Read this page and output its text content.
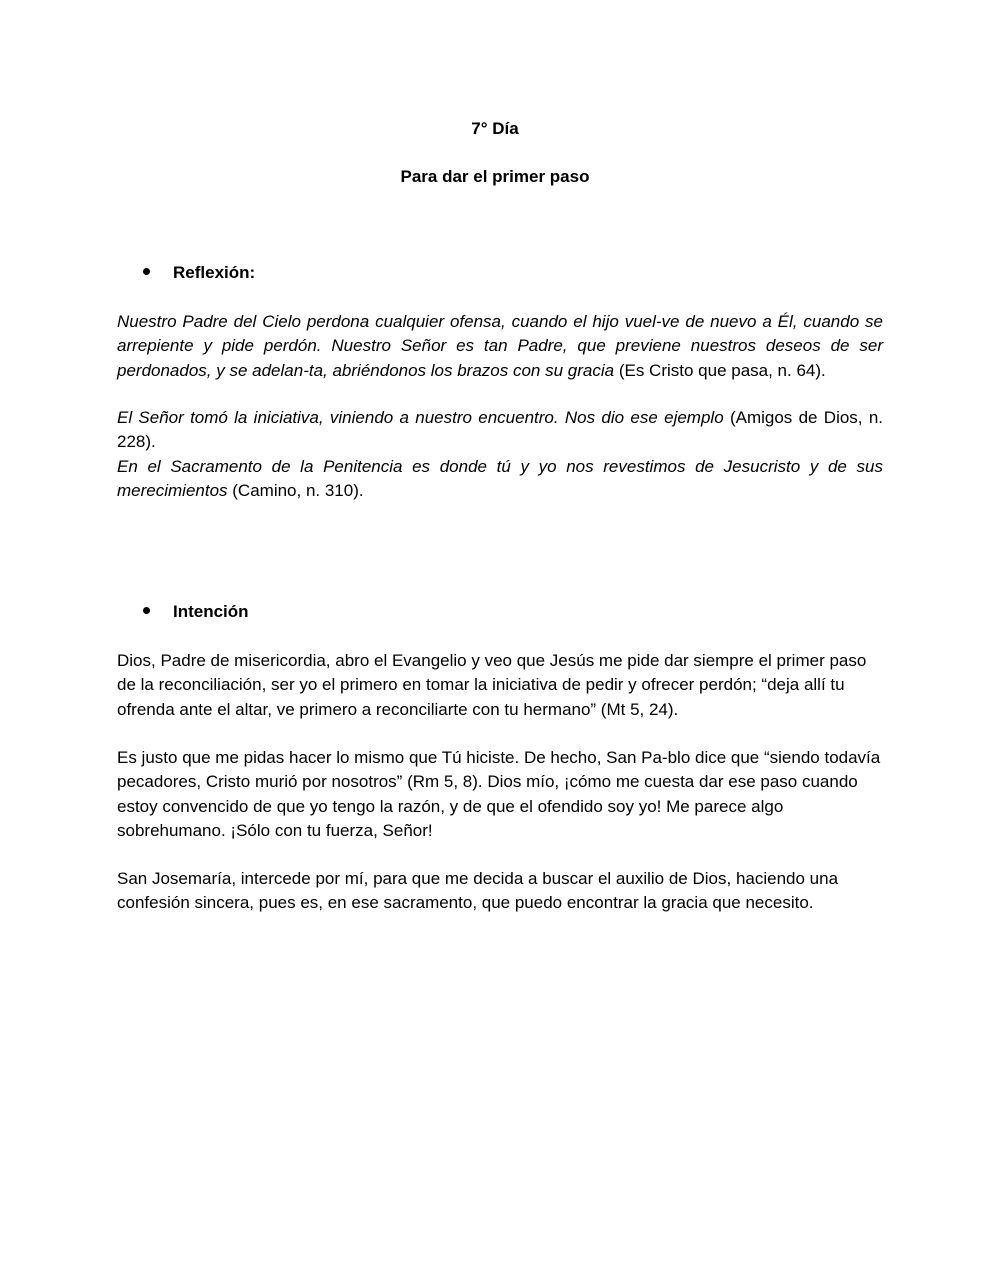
7° Día
Para dar el primer paso
Reflexión:

Nuestro Padre del Cielo perdona cualquier ofensa, cuando el hijo vuel-ve de nuevo a Él, cuando se arrepiente y pide perdón. Nuestro Señor es tan Padre, que previene nuestros deseos de ser perdonados, y se adelan-ta, abriéndonos los brazos con su gracia (Es Cristo que pasa, n. 64).

El Señor tomó la iniciativa, viniendo a nuestro encuentro. Nos dio ese ejemplo (Amigos de Dios, n. 228).

En el Sacramento de la Penitencia es donde tú y yo nos revestimos de Jesucristo y de sus merecimientos (Camino, n. 310).

Intención

Dios, Padre de misericordia, abro el Evangelio y veo que Jesús me pide dar siempre el primer paso de la reconciliación, ser yo el primero en tomar la iniciativa de pedir y ofrecer perdón; “deja allí tu ofrenda ante el altar, ve primero a reconciliarte con tu hermano” (Mt 5, 24).

Es justo que me pidas hacer lo mismo que Tú hiciste. De hecho, San Pa-blo dice que “siendo todavía pecadores, Cristo murió por nosotros” (Rm 5, 8). Dios mío, ¡cómo me cuesta dar ese paso cuando estoy convencido de que yo tengo la razón, y de que el ofendido soy yo! Me parece algo sobrehumano. ¡Sólo con tu fuerza, Señor!

San Josemaría, intercede por mí, para que me decida a buscar el auxilio de Dios, haciendo una confesión sincera, pues es, en ese sacramento, que puedo encontrar la gracia que necesito.
